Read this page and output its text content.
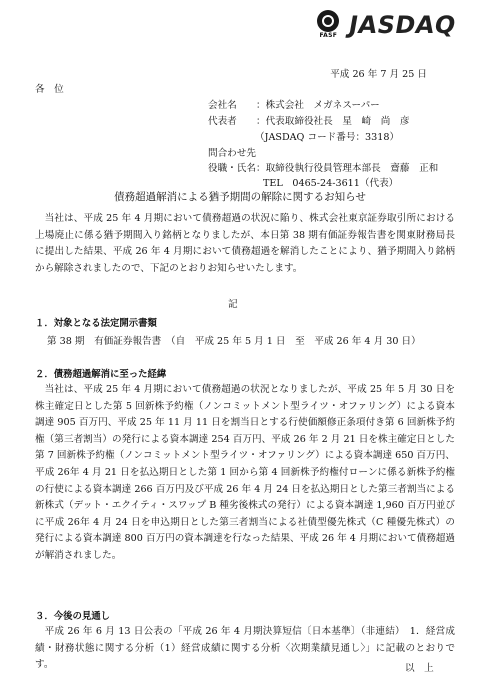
FASF JASDAQ
平成 26 年 7 月 25 日
各　位
会社名 ：株式会社　メガネスーパー
代表者 ：代表取締役社長　星　崎　尚　彦
（JASDAQ コード番号：3318）
問合わせ先
役職・氏名 ：取締役執行役員管理本部長　齋藤　正和
TEL　0465-24-3611（代表）
債務超過解消による猶予期間の解除に関するお知らせ
当社は、平成 25 年 4 月期において債務超過の状況に陥り、株式会社東京証券取引所における上場廃止に係る猶予期間入り銘柄となりましたが、本日第 38 期有価証券報告書を関東財務局長に提出した結果、平成 26 年 4 月期において債務超過を解消したことにより、猶予期間入り銘柄から解除されましたので、下記のとおりお知らせいたします。
記
１．対象となる法定開示書類
第 38 期　有価証券報告書　（自　平成 25 年 5 月 1 日　至　平成 26 年 4 月 30 日）
２．債務超過解消に至った経緯
当社は、平成 25 年 4 月期において債務超過の状況となりましたが、平成 25 年 5 月 30 日を株主確定日とした第 5 回新株予約権（ノンコミットメント型ライツ・オファリング）による資本調達 905 百万円、平成 25 年 11 月 11 日を割当日とする行使価額修正条項付き第 6 回新株予約権（第三者割当）の発行による資本調達 254 百万円、平成 26 年 2 月 21 日を株主確定日とした第 7 回新株予約権（ノンコミットメント型ライツ・オファリング）による資本調達 650 百万円、平成 26年 4 月 21 日を払込期日とした第 1 回から第 4 回新株予約権付ローンに係る新株予約権の行使による資本調達 266 百万円及び平成 26 年 4 月 24 日を払込期日とした第三者割当による新株式（デット・エクイティ・スワップ B 種劣後株式の発行）による資本調達 1,960 百万円並びに平成 26年 4 月 24 日を申込期日とした第三者割当による社債型優先株式（C 種優先株式）の発行による資本調達 800 百万円の資本調達を行なった結果、平成 26 年 4 月期において債務超過が解消されました。
３．今後の見通し
平成 26 年 6 月 13 日公表の「平成 26 年 4 月期決算短信〔日本基準〕（非連結）　1．経営成績・財務状態に関する分析（1）経営成績に関する分析〈次期業績見通し〉」に記載のとおりです。	以　上
